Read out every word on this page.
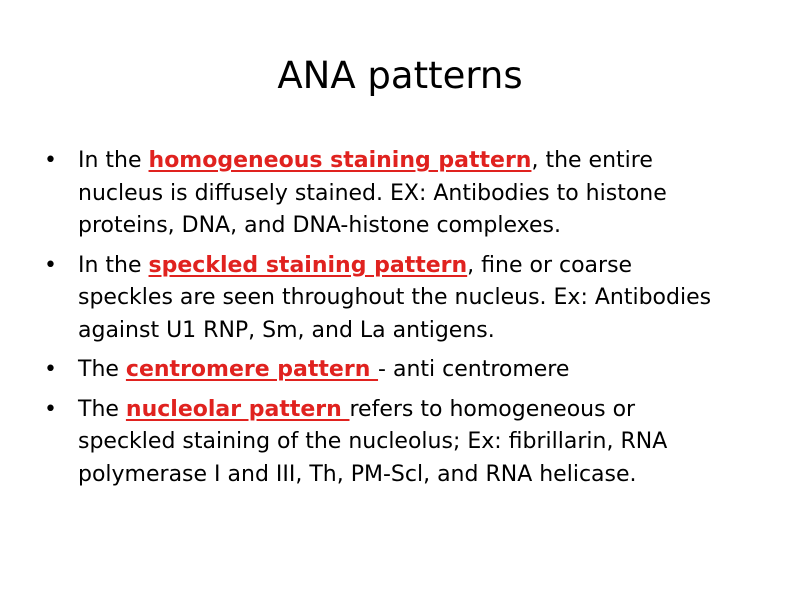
ANA patterns
• In the homogeneous staining pattern, the entire nucleus is diffusely stained. EX: Antibodies to histone proteins, DNA, and DNA-histone complexes.
• In the speckled staining pattern, fine or coarse speckles are seen throughout the nucleus. Ex: Antibodies against U1 RNP, Sm, and La antigens.
• The centromere pattern - anti centromere
• The nucleolar pattern refers to homogeneous or speckled staining of the nucleolus; Ex: fibrillarin, RNA polymerase I and III, Th, PM-Scl, and RNA helicase.
